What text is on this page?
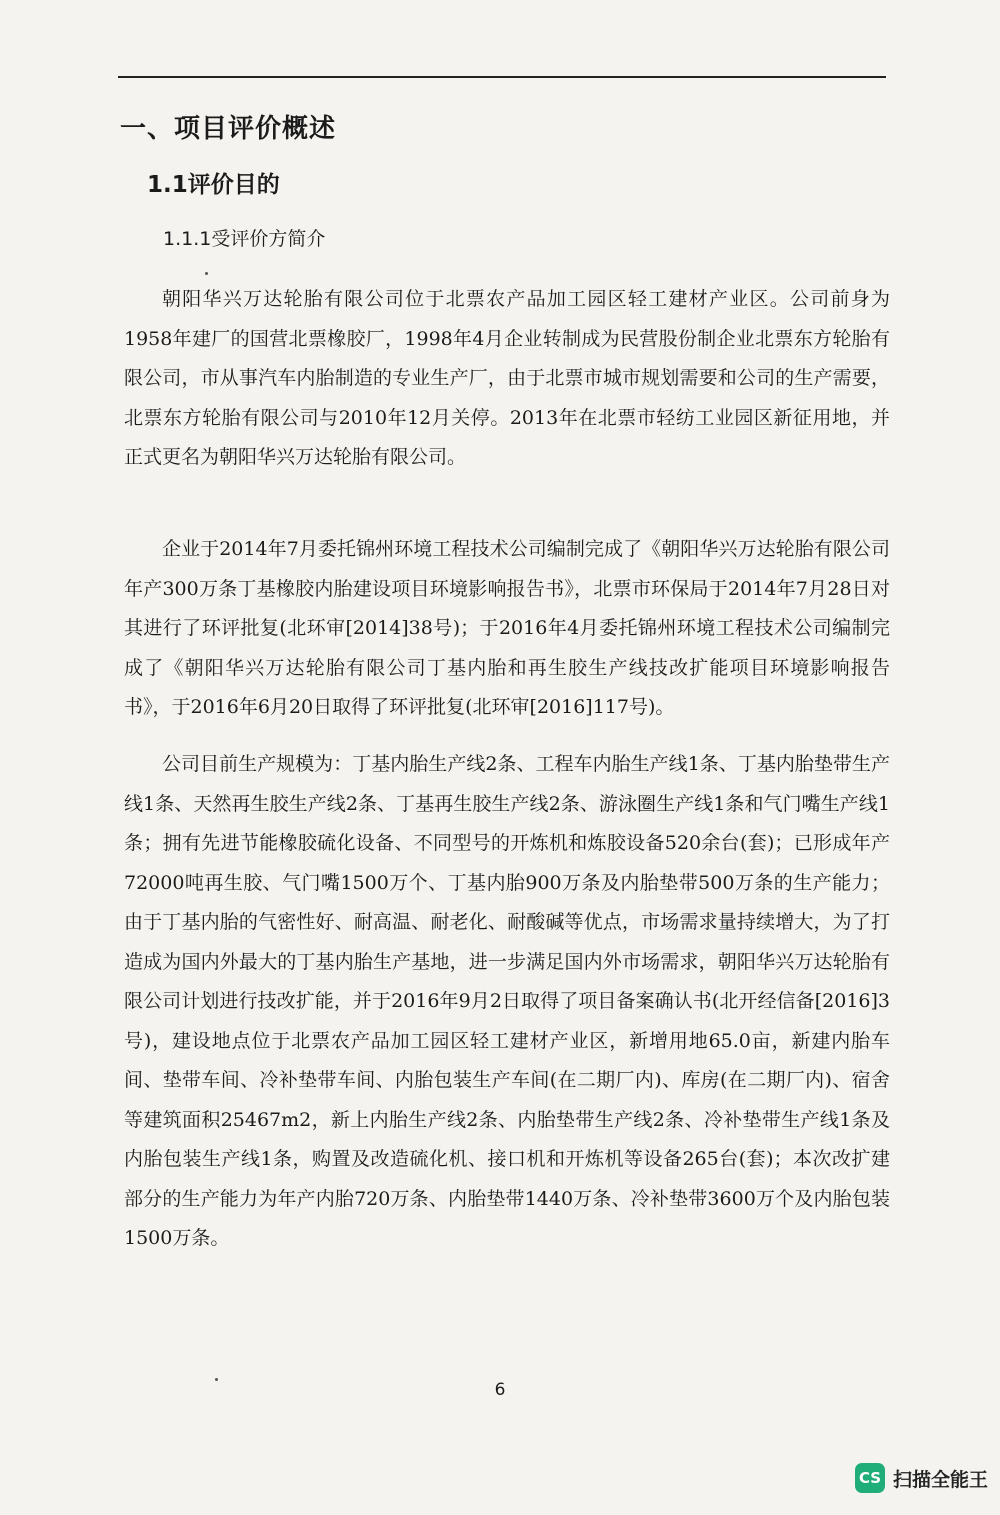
一、项目评价概述
1.1评价目的
1.1.1受评价方简介

朝阳华兴万达轮胎有限公司位于北票农产品加工园区轻工建材产业区。公司前身为1958年建厂的国营北票橡胶厂，1998年4月企业转制成为民营股份制企业北票东方轮胎有限公司，市从事汽车内胎制造的专业生产厂，由于北票市城市规划需要和公司的生产需要，北票东方轮胎有限公司与2010年12月关停。2013年在北票市轻纺工业园区新征用地，并正式更名为朝阳华兴万达轮胎有限公司。

企业于2014年7月委托锦州环境工程技术公司编制完成了《朝阳华兴万达轮胎有限公司年产300万条丁基橡胶内胎建设项目环境影响报告书》，北票市环保局于2014年7月28日对其进行了环评批复(北环审[2014]38号)；于2016年4月委托锦州环境工程技术公司编制完成了《朝阳华兴万达轮胎有限公司丁基内胎和再生胶生产线技改扩能项目环境影响报告书》，于2016年6月20日取得了环评批复(北环审[2016]117号)。

公司目前生产规模为：丁基内胎生产线2条、工程车内胎生产线1条、丁基内胎垫带生产线1条、天然再生胶生产线2条、丁基再生胶生产线2条、游泳圈生产线1条和气门嘴生产线1条；拥有先进节能橡胶硫化设备、不同型号的开炼机和炼胶设备520余台(套)；已形成年产72000吨再生胶、气门嘴1500万个、丁基内胎900万条及内胎垫带500万条的生产能力；由于丁基内胎的气密性好、耐高温、耐老化、耐酸碱等优点，市场需求量持续增大，为了打造成为国内外最大的丁基内胎生产基地，进一步满足国内外市场需求，朝阳华兴万达轮胎有限公司计划进行技改扩能，并于2016年9月2日取得了项目备案确认书(北开经信备[2016]3号)，建设地点位于北票农产品加工园区轻工建材产业区，新增用地65.0亩，新建内胎车间、垫带车间、冷补垫带车间、内胎包装生产车间(在二期厂内)、库房(在二期厂内)、宿舍等建筑面积25467m2，新上内胎生产线2条、内胎垫带生产线2条、冷补垫带生产线1条及内胎包装生产线1条，购置及改造硫化机、接口机和开炼机等设备265台(套)；本次改扩建部分的生产能力为年产内胎720万条、内胎垫带1440万条、冷补垫带3600万个及内胎包装1500万条。

6
CS 扫描全能王
